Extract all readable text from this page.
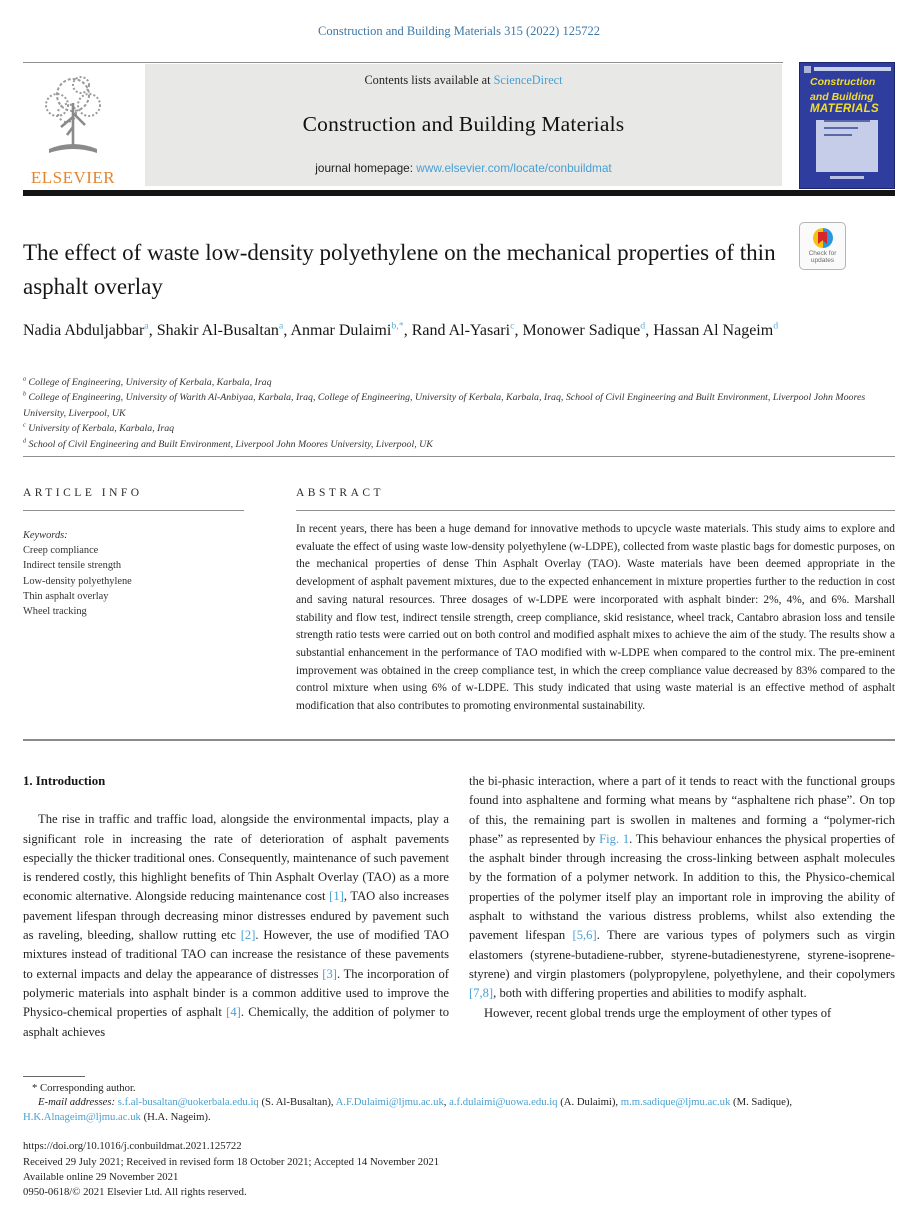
Construction and Building Materials 315 (2022) 125722
ELSEVIER
Contents lists available at ScienceDirect
Construction and Building Materials
journal homepage: www.elsevier.com/locate/conbuildmat
Construction
and Building
MATERIALS
Check for
updates
The effect of waste low-density polyethylene on the mechanical properties of thin asphalt overlay
Nadia Abduljabbar$^a$, Shakir Al-Busaltan$^a$, Anmar Dulaimi$^{b,*}$, Rand Al-Yasari$^c$, Monower Sadique$^d$, Hassan Al Nageim$^d$
$^a$ College of Engineering, University of Kerbala, Karbala, Iraq
$^b$ College of Engineering, University of Warith Al-Anbiyaa, Karbala, Iraq, College of Engineering, University of Kerbala, Karbala, Iraq, School of Civil Engineering and Built Environment, Liverpool John Moores University, Liverpool, UK
$^c$ University of Kerbala, Karbala, Iraq
$^d$ School of Civil Engineering and Built Environment, Liverpool John Moores University, Liverpool, UK
ARTICLE INFO	ABSTRACT
Keywords:
Creep compliance
Indirect tensile strength
Low-density polyethylene
Thin asphalt overlay
Wheel tracking
In recent years, there has been a huge demand for innovative methods to upcycle waste materials. This study aims to explore and evaluate the effect of using waste low-density polyethylene (w-LDPE), collected from waste plastic bags for domestic purposes, on the mechanical properties of dense Thin Asphalt Overlay (TAO). Waste materials have been deemed appropriate in the development of asphalt pavement mixtures, due to the expected enhancement in mixture properties further to the reduction in cost and saving natural resources. Three dosages of w-LDPE were incorporated with asphalt binder: 2%, 4%, and 6%. Marshall stability and flow test, indirect tensile strength, creep compliance, skid resistance, wheel track, Cantabro abrasion loss and tensile strength ratio tests were carried out on both control and modified asphalt mixes to achieve the aim of the study. The results show a substantial enhancement in the performance of TAO modified with w-LDPE when compared to the control mix. The pre-eminent improvement was obtained in the creep compliance test, in which the creep compliance value decreased by 83% compared to the control mixture when using 6% of w-LDPE. This study indicated that using waste material is an effective method of asphalt modification that also contributes to promoting environmental sustainability.
1. Introduction

The rise in traffic and traffic load, alongside the environmental impacts, play a significant role in increasing the rate of deterioration of asphalt pavements especially the thicker traditional ones. Consequently, maintenance of such pavement is rendered costly, this highlight benefits of Thin Asphalt Overlay (TAO) as a more economic alternative. Alongside reducing maintenance cost [1], TAO also increases pavement lifespan through decreasing minor distresses endured by pavement such as raveling, bleeding, shallow rutting etc [2]. However, the use of modified TAO mixtures instead of traditional TAO can increase the resistance of these pavements to external impacts and delay the appearance of distresses [3]. The incorporation of polymeric materials into asphalt binder is a common additive used to improve the Physico-chemical properties of asphalt [4]. Chemically, the addition of polymer to asphalt achieves

the bi-phasic interaction, where a part of it tends to react with the functional groups found into asphaltene and forming what means by “asphaltene rich phase”. On top of this, the remaining part is swollen in maltenes and forming a “polymer-rich phase” as represented by Fig. 1. This behaviour enhances the physical properties of the asphalt binder through increasing the cross-linking between asphalt molecules by the formation of a polymer network. In addition to this, the Physico-chemical properties of the polymer itself play an important role in improving the ability of asphalt to withstand the various distress problems, whilst also extending the pavement lifespan [5,6]. There are various types of polymers such as virgin elastomers (styrene-butadiene-rubber, styrene-butadienestyrene, styrene-isoprene-styrene) and virgin plastomers (polypropylene, polyethylene, and their copolymers [7,8], both with differing properties and abilities to modify asphalt.

However, recent global trends urge the employment of other types of

* Corresponding author.
E-mail addresses: s.f.al-busaltan@uokerbala.edu.iq (S. Al-Busaltan), A.F.Dulaimi@ljmu.ac.uk, a.f.dulaimi@uowa.edu.iq (A. Dulaimi), m.m.sadique@ljmu.ac.uk (M. Sadique), H.K.Alnageim@ljmu.ac.uk (H.A. Nageim).
https://doi.org/10.1016/j.conbuildmat.2021.125722
Received 29 July 2021; Received in revised form 18 October 2021; Accepted 14 November 2021
Available online 29 November 2021
0950-0618/© 2021 Elsevier Ltd. All rights reserved.
